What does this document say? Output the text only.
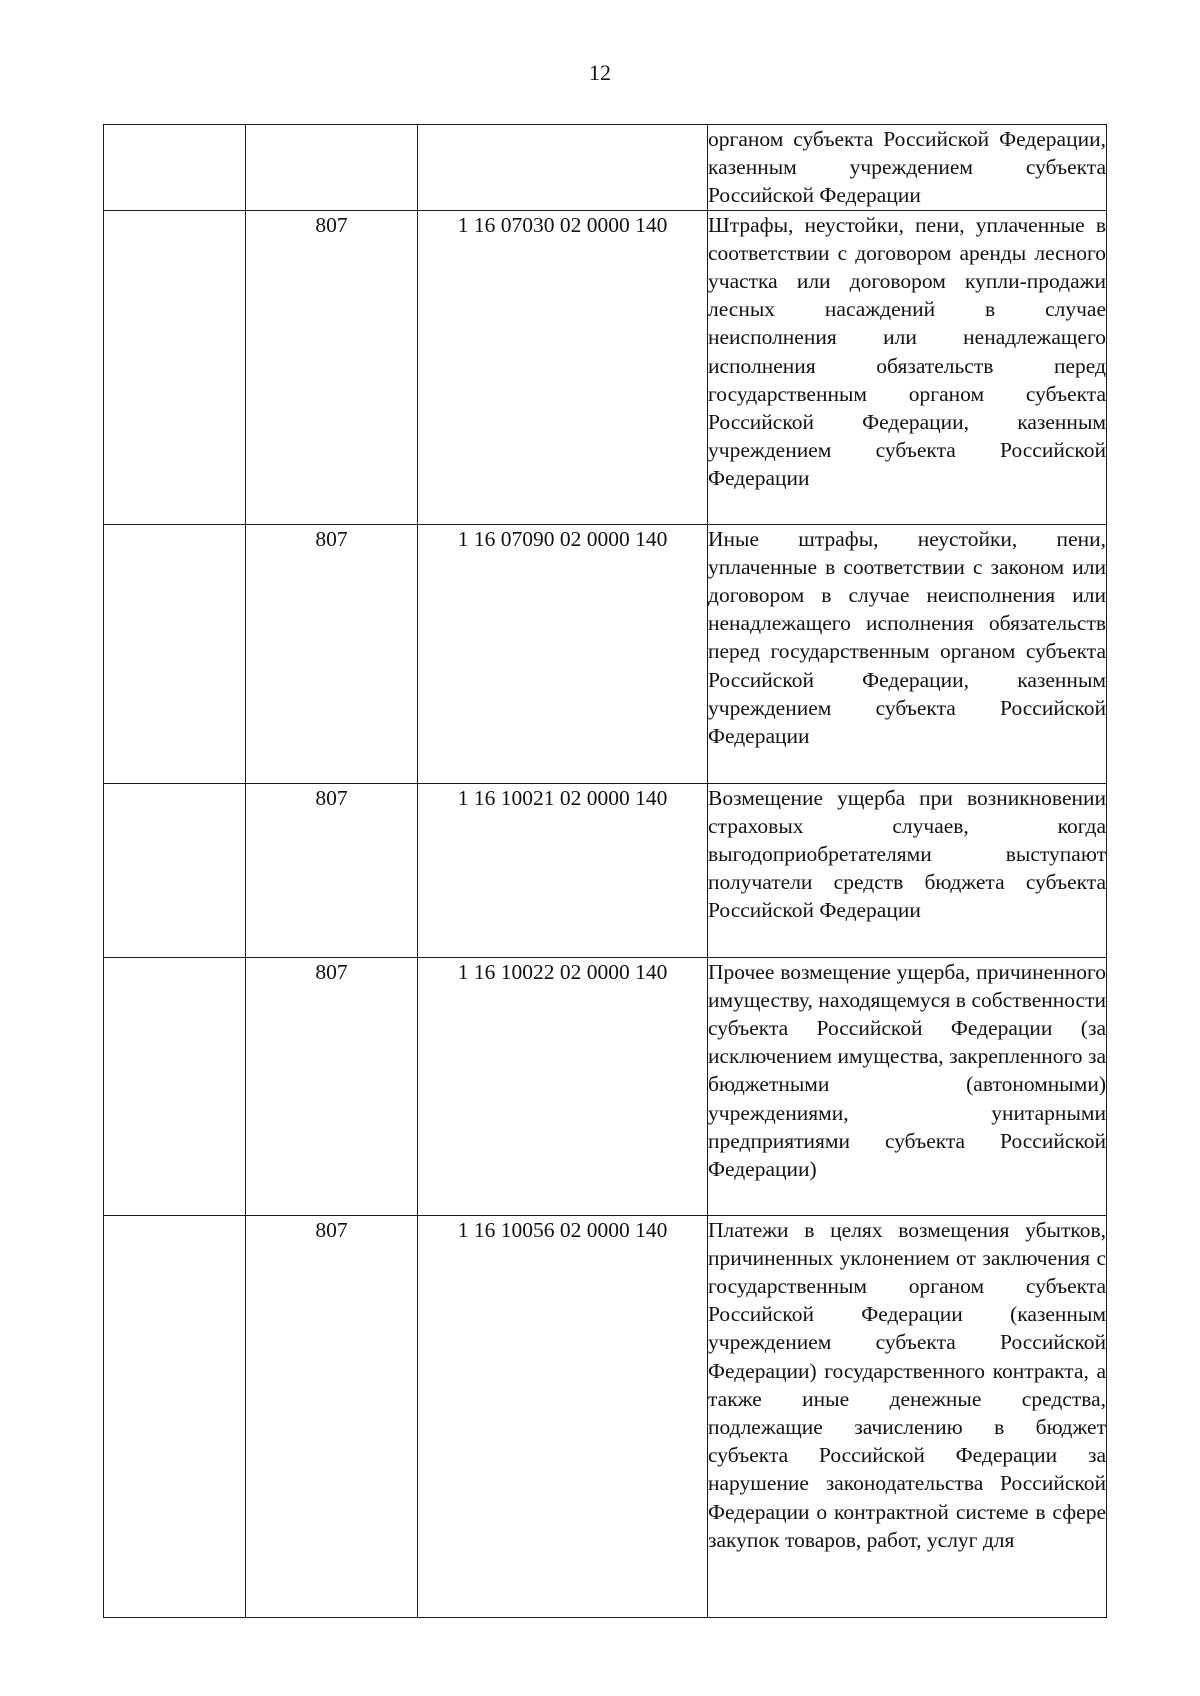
12
			органом субъекта Российской Федерации, казенным учреждением субъекта Российской Федерации
	807	1 16 07030 02 0000 140	Штрафы, неустойки, пени, уплаченные в соответствии с договором аренды лесного участка или договором купли-продажи лесных насаждений в случае неисполнения или ненадлежащего исполнения обязательств перед государственным органом субъекта Российской Федерации, казенным учреждением субъекта Российской Федерации
	807	1 16 07090 02 0000 140	Иные штрафы, неустойки, пени, уплаченные в соответствии с законом или договором в случае неисполнения или ненадлежащего исполнения обязательств перед государственным органом субъекта Российской Федерации, казенным учреждением субъекта Российской Федерации
	807	1 16 10021 02 0000 140	Возмещение ущерба при возникновении страховых случаев, когда выгодоприобретателями выступают получатели средств бюджета субъекта Российской Федерации
	807	1 16 10022 02 0000 140	Прочее возмещение ущерба, причиненного имуществу, находящемуся в собственности субъекта Российской Федерации (за исключением имущества, закрепленного за бюджетными (автономными) учреждениями, унитарными предприятиями субъекта Российской Федерации)
	807	1 16 10056 02 0000 140	Платежи в целях возмещения убытков, причиненных уклонением от заключения с государственным органом субъекта Российской Федерации (казенным учреждением субъекта Российской Федерации) государственного контракта, а также иные денежные средства, подлежащие зачислению в бюджет субъекта Российской Федерации за нарушение законодательства Российской Федерации о контрактной системе в сфере закупок товаров, работ, услуг для
